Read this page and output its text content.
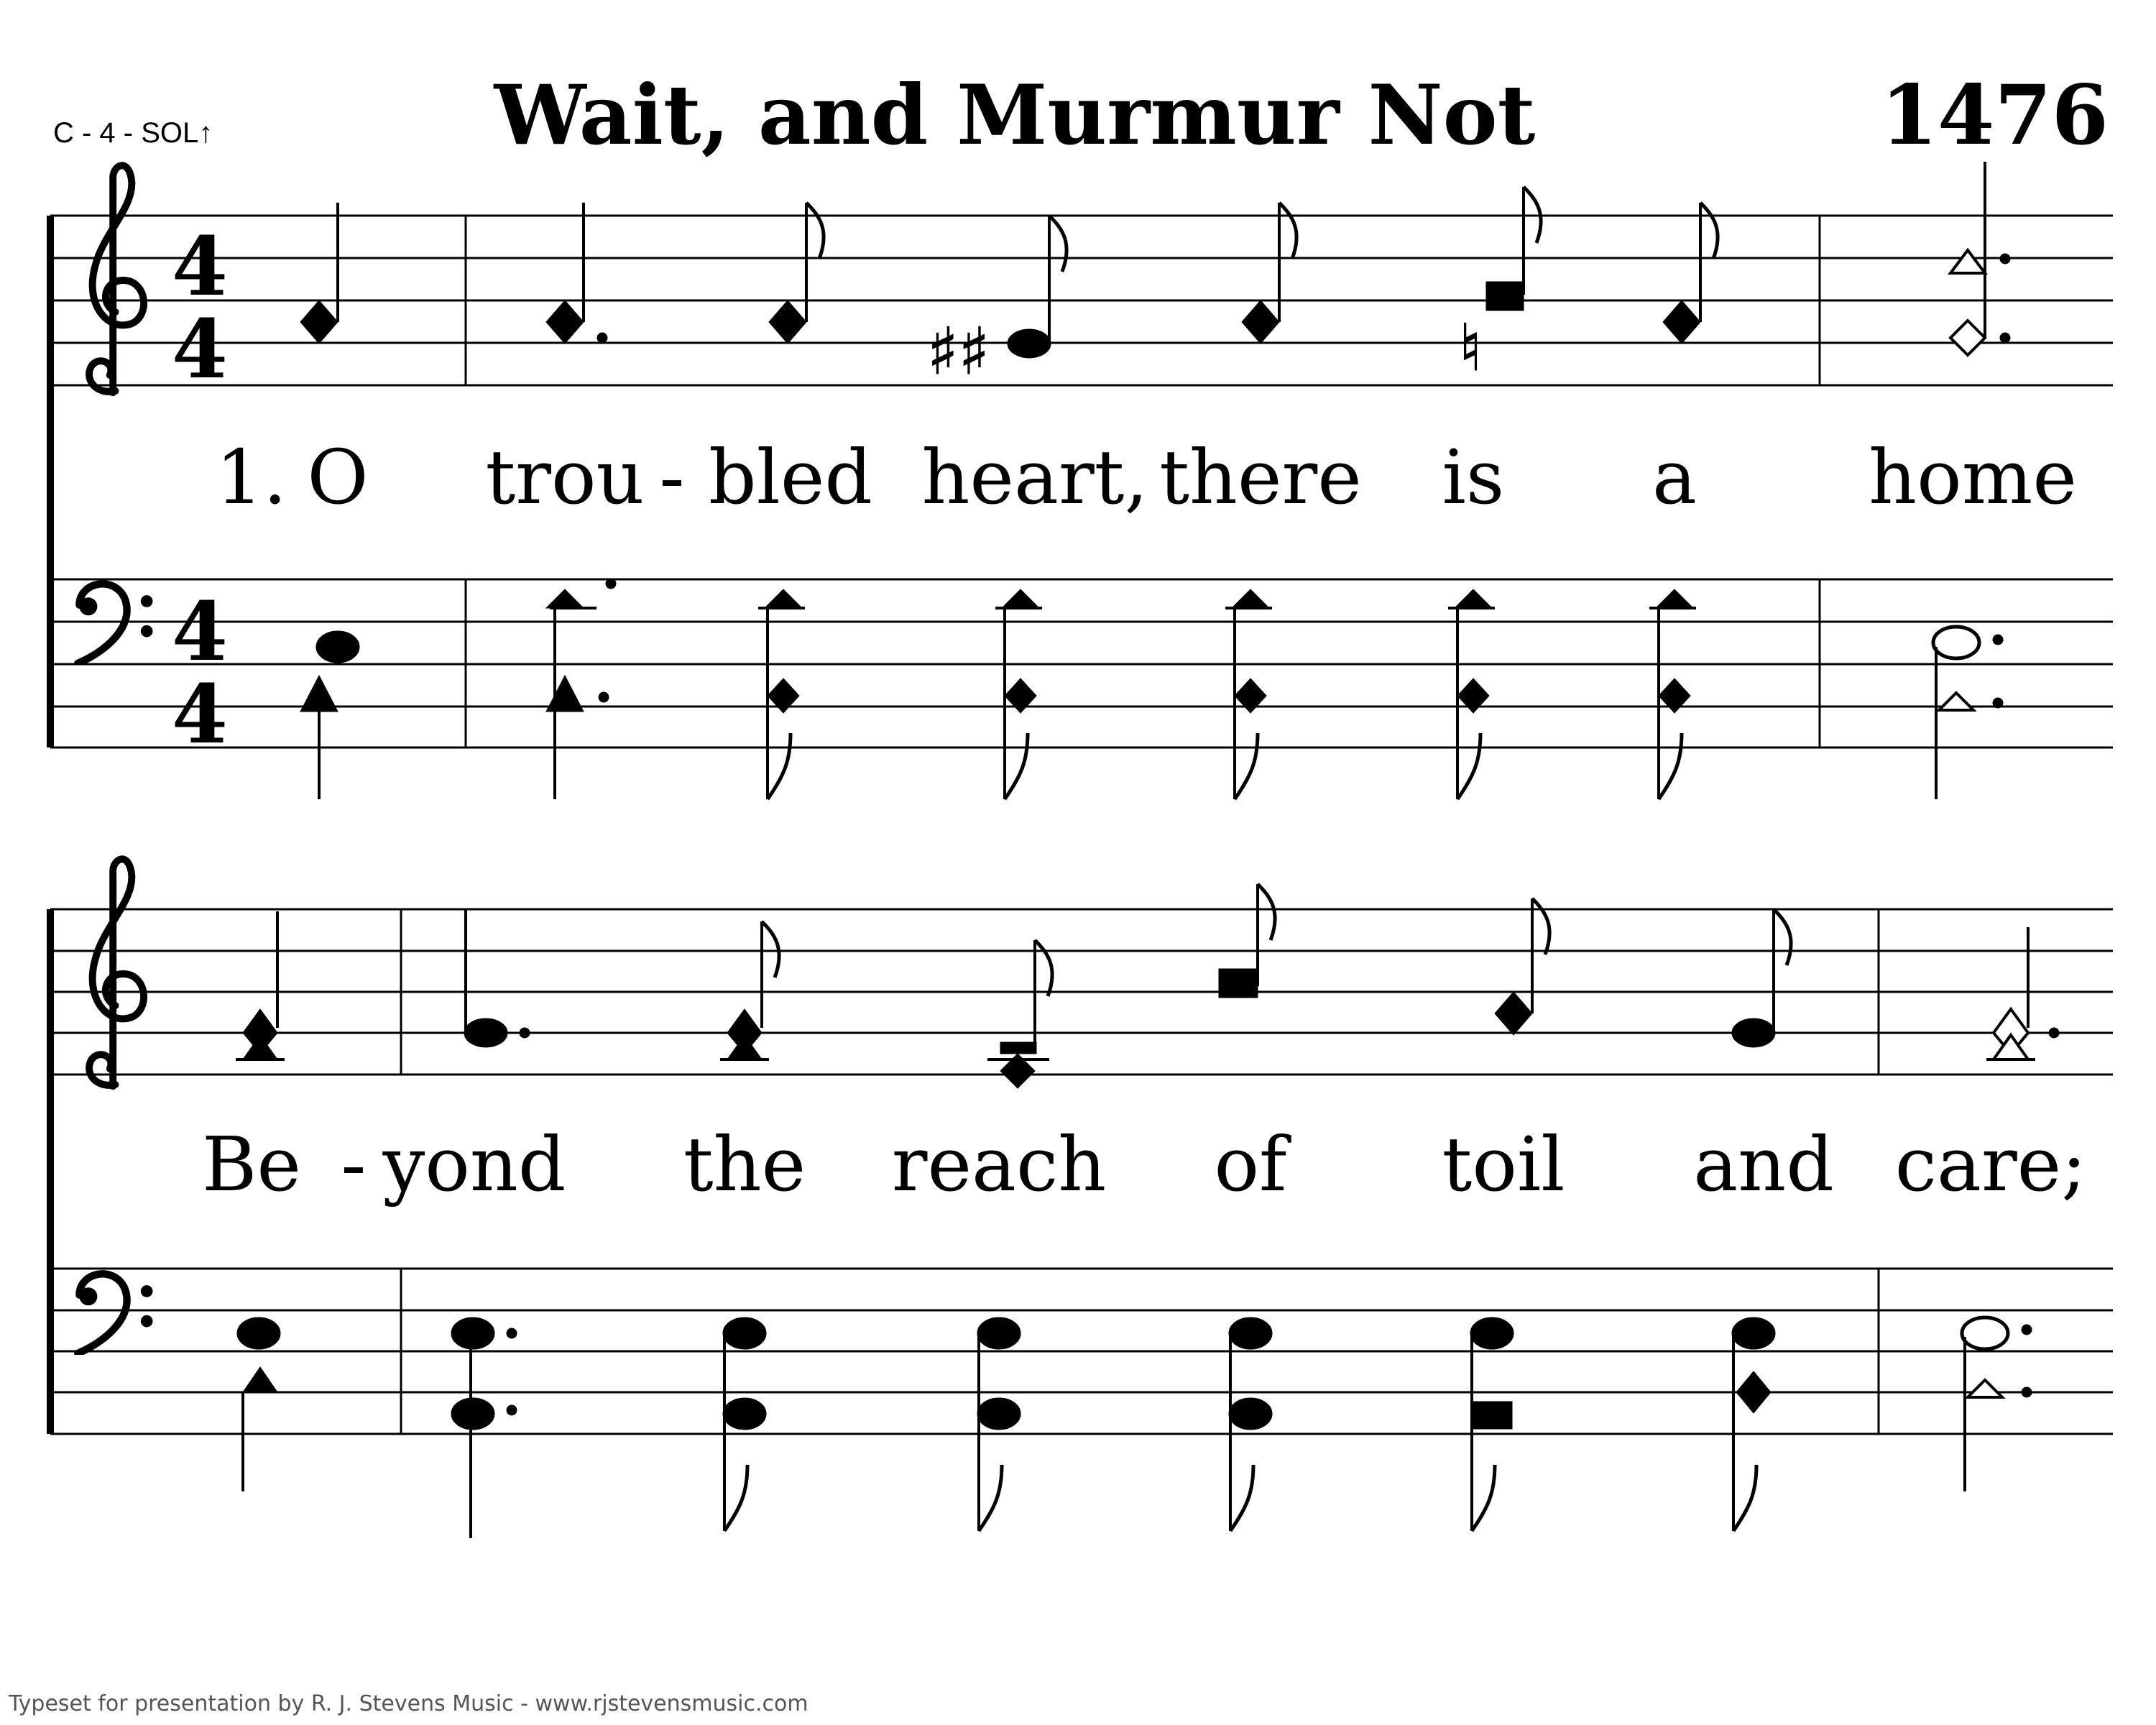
C - 4 - SOL↑	Wait, and Murmur Not	1476
4
4
4
4
♯♯	♮
1. O trou - bled heart, there is a home
Be - yond the reach of toil and care;
Typeset for presentation by R. J. Stevens Music - www.rjstevensmusic.com
